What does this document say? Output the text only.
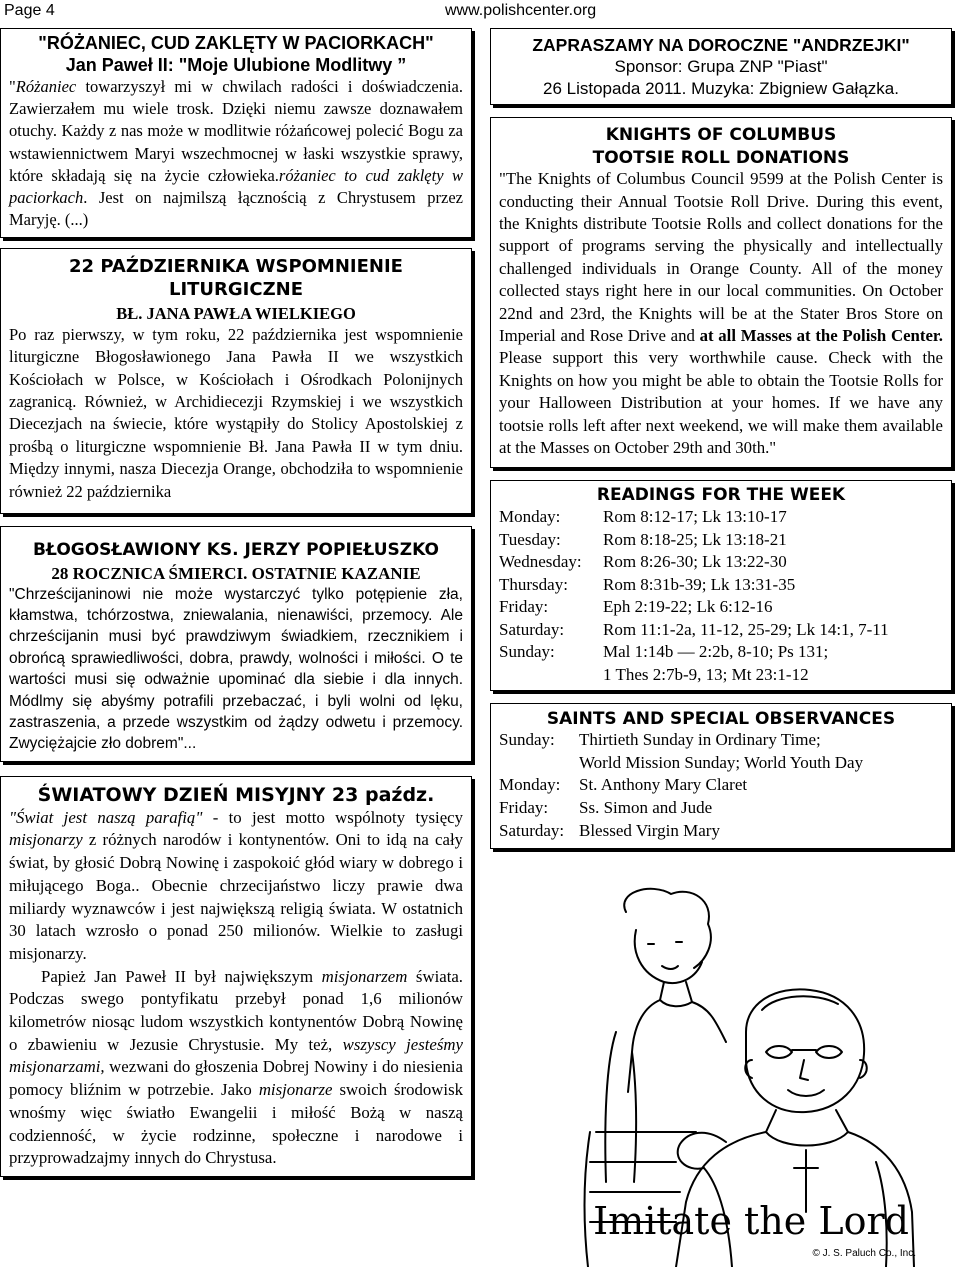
Page 4	www.polishcenter.org
"RÓŻANIEC, CUD ZAKLĘTY W PACIORKACH"
Jan Paweł II: "Moje Ulubione Modlitwy ”

"Różaniec towarzyszył mi w chwilach radości i doświadczenia. Zawierzałem mu wiele trosk. Dzięki niemu zawsze doznawałem otuchy. Każdy z nas może w modlitwie różańcowej polecić Bogu za wstawiennictwem Maryi wszechmocnej w łaski wszystkie sprawy, które składają się na życie człowieka.różaniec to cud zaklęty w paciorkach. Jest on najmilszą łącznością z Chrystusem przez Maryję. (...)

22 PAŹDZIERNIKA WSPOMNIENIE
LITURGICZNE
BŁ. JANA PAWŁA WIELKIEGO

Po raz pierwszy, w tym roku, 22 października jest wspomnienie liturgiczne Błogosławionego Jana Pawła II we wszystkich Kościołach w Polsce, w Kościołach i Ośrodkach Polonijnych zagranicą. Również, w Archidiecezji Rzymskiej i we wszystkich Diecezjach na świecie, które wystąpiły do Stolicy Apostolskiej z prośbą o liturgiczne wspomnienie Bł. Jana Pawła II w tym dniu. Między innymi, nasza Diecezja Orange, obchodziła to wspomnienie również 22 października

BŁOGOSŁAWIONY KS. JERZY POPIEŁUSZKO
28 ROCZNICA ŚMIERCI. OSTATNIE KAZANIE

"Chrześcijaninowi nie może wystarczyć tylko potępienie zła, kłamstwa, tchórzostwa, zniewalania, nienawiści, przemocy. Ale chrześcijanin musi być prawdziwym świadkiem, rzecznikiem i obrońcą sprawiedliwości, dobra, prawdy, wolności i miłości. O te wartości musi się odważnie upominać dla siebie i dla innych. Módlmy się abyśmy potrafili przebaczać, i byli wolni od lęku, zastraszenia, a przede wszystkim od żądzy odwetu i przemocy. Zwyciężajcie zło dobrem"...

ŚWIATOWY DZIEŃ MISYJNY 23 paźdz.

"Świat jest naszą parafią" - to jest motto wspólnoty tysięcy misjonarzy z różnych narodów i kontynentów. Oni to idą na cały świat, by głosić Dobrą Nowinę i zaspokoić głód wiary w dobrego i miłującego Boga.. Obecnie chrzecijaństwo liczy prawie dwa miliardy wyznawców i jest największą religią świata. W ostatnich 30 latach wzrosło o ponad 250 milionów. Wielkie to zasługi misjonarzy.

Papież Jan Paweł II był największym misjonarzem świata. Podczas swego pontyfikatu przebył ponad 1,6 milionów kilometrów niosąc ludom wszystkich kontynentów Dobrą Nowinę o zbawieniu w Jezusie Chrystusie. My też, wszyscy jesteśmy misjonarzami, wezwani do głoszenia Dobrej Nowiny i do niesienia pomocy bliźnim w potrzebie. Jako misjonarze swoich środowisk wnośmy więc światło Ewangelii i miłość Bożą w naszą codzienność, w życie rodzinne, społeczne i narodowe i przyprowadzajmy innych do Chrystusa.

ZAPRASZAMY NA DOROCZNE "ANDRZEJKI"
Sponsor: Grupa ZNP "Piast"
26 Listopada 2011. Muzyka: Zbigniew Gałązka.
KNIGHTS OF COLUMBUS
TOOTSIE ROLL DONATIONS

"The Knights of Columbus Council 9599 at the Polish Center is conducting their Annual Tootsie Roll Drive. During this event, the Knights distribute Tootsie Rolls and collect donations for the support of programs serving the physically and intellectually challenged individuals in Orange County. All of the money collected stays right here in our local communities. On October 22nd and 23rd, the Knights will be at the Stater Bros Store on Imperial and Rose Drive and at all Masses at the Polish Center. Please support this very worthwhile cause. Check with the Knights on how you might be able to obtain the Tootsie Rolls for your Halloween Distribution at your homes. If we have any tootsie rolls left after next weekend, we will make them available at the Masses on October 29th and 30th."

READINGS FOR THE WEEK
Monday:	Rom 8:12-17; Lk 13:10-17
Tuesday:	Rom 8:18-25; Lk 13:18-21
Wednesday:	Rom 8:26-30; Lk 13:22-30
Thursday:	Rom 8:31b-39; Lk 13:31-35
Friday:	Eph 2:19-22; Lk 6:12-16
Saturday:	Rom 11:1-2a, 11-12, 25-29; Lk 14:1, 7-11
Sunday:	Mal 1:14b — 2:2b, 8-10; Ps 131;
	1 Thes 2:7b-9, 13; Mt 23:1-12
SAINTS AND SPECIAL OBSERVANCES
Sunday:	Thirtieth Sunday in Ordinary Time;
	World Mission Sunday; World Youth Day
Monday:	St. Anthony Mary Claret
Friday:	Ss. Simon and Jude
Saturday:	Blessed Virgin Mary
Imitate the Lord
© J. S. Paluch Co., Inc.
